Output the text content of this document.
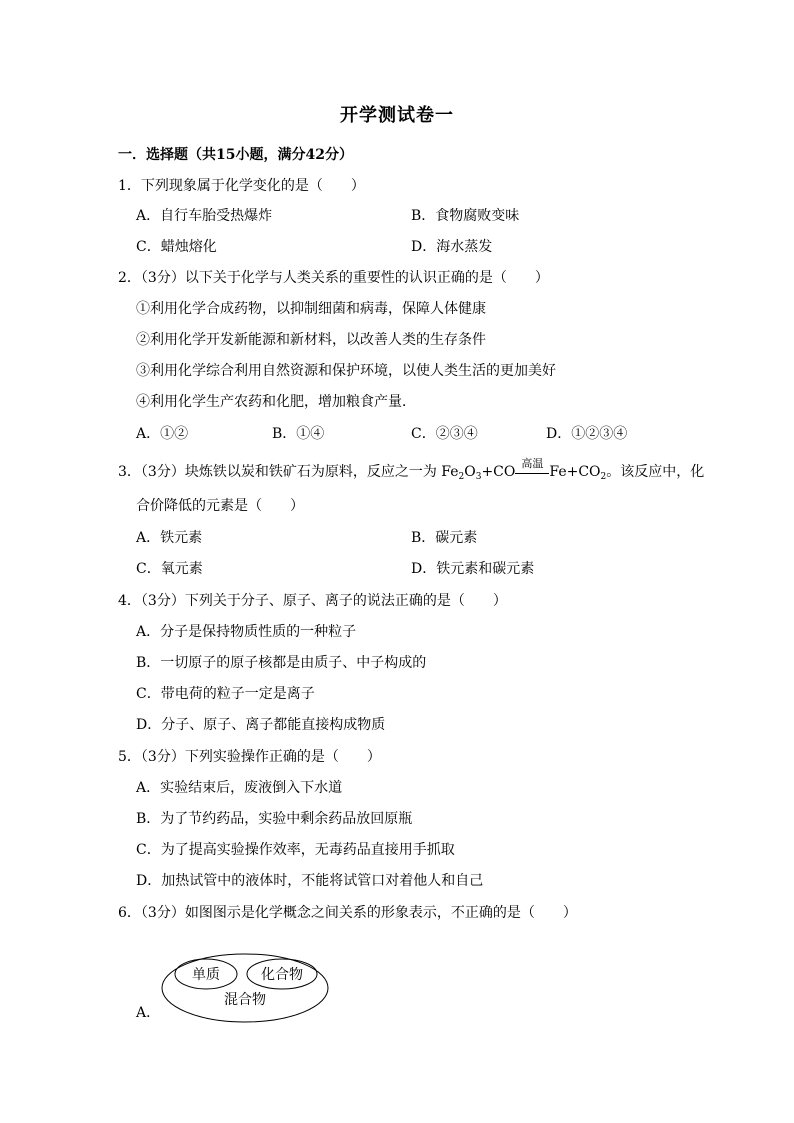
开学测试卷一
一．选择题（共15小题，满分42分）
1．下列现象属于化学变化的是（　　）
A．自行车胎受热爆炸	B．食物腐败变味
C．蜡烛熔化	D．海水蒸发
2．（3分）以下关于化学与人类关系的重要性的认识正确的是（　　）
①利用化学合成药物，以抑制细菌和病毒，保障人体健康
②利用化学开发新能源和新材料，以改善人类的生存条件
③利用化学综合利用自然资源和保护环境，以使人类生活的更加美好
④利用化学生产农药和化肥，增加粮食产量．
A．①②	B．①④	C．②③④	D．①②③④
3．（3分）块炼铁以炭和铁矿石为原料，反应之一为 $Fe_2O_3+CO$
高温
$Fe+CO_2$。该反应中，化
合价降低的元素是（　　）
A．铁元素	B．碳元素
C．氧元素	D．铁元素和碳元素
4．（3分）下列关于分子、原子、离子的说法正确的是（　　）
A．分子是保持物质性质的一种粒子
B．一切原子的原子核都是由质子、中子构成的
C．带电荷的粒子一定是离子
D．分子、原子、离子都能直接构成物质
5．（3分）下列实验操作正确的是（　　）
A．实验结束后，废液倒入下水道
B．为了节约药品，实验中剩余药品放回原瓶
C．为了提高实验操作效率，无毒药品直接用手抓取
D．加热试管中的液体时，不能将试管口对着他人和自己
6．（3分）如图图示是化学概念之间关系的形象表示，不正确的是（　　）
单质	化合物
混合物
A．
